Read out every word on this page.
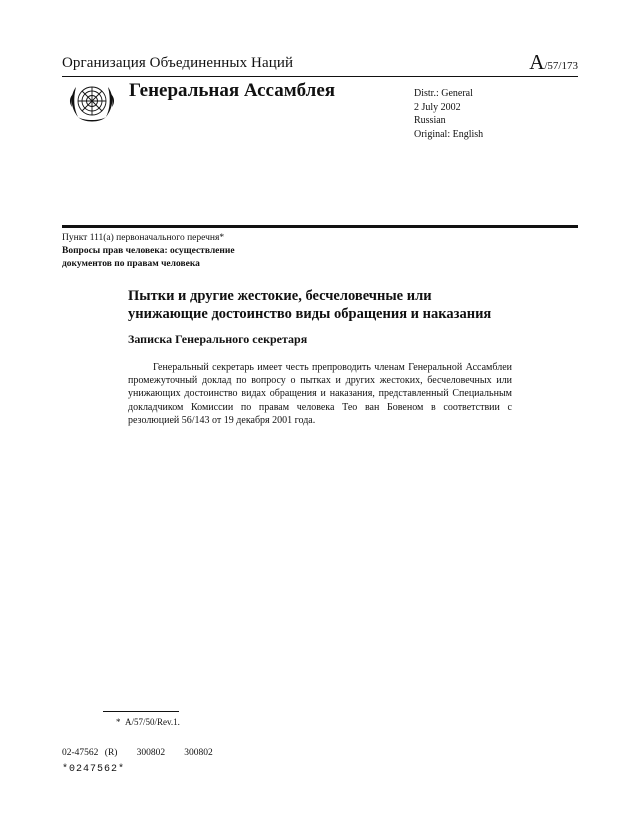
Организация Объединенных Наций	A/57/173
Генеральная Ассамблея	Distr.: General
2 July 2002
Russian
Original: English
Пункт 111(a) первоначального перечня*
Вопросы прав человека: осуществление
документов по правам человека
Пытки и другие жестокие, бесчеловечные или
унижающие достоинство виды обращения и наказания
Записка Генерального секретаря

Генеральный секретарь имеет честь препроводить членам Генеральной Ассамблеи промежуточный доклад по вопросу о пытках и других жестоких, бесчеловечных или унижающих достоинство видах обращения и наказания, представленный Специальным докладчиком Комиссии по правам человека Тео ван Бовеном в соответствии с резолюцией 56/143 от 19 декабря 2001 года.

* A/57/50/Rev.1.
02-47562 (R)   300802   300802
*0247562*
